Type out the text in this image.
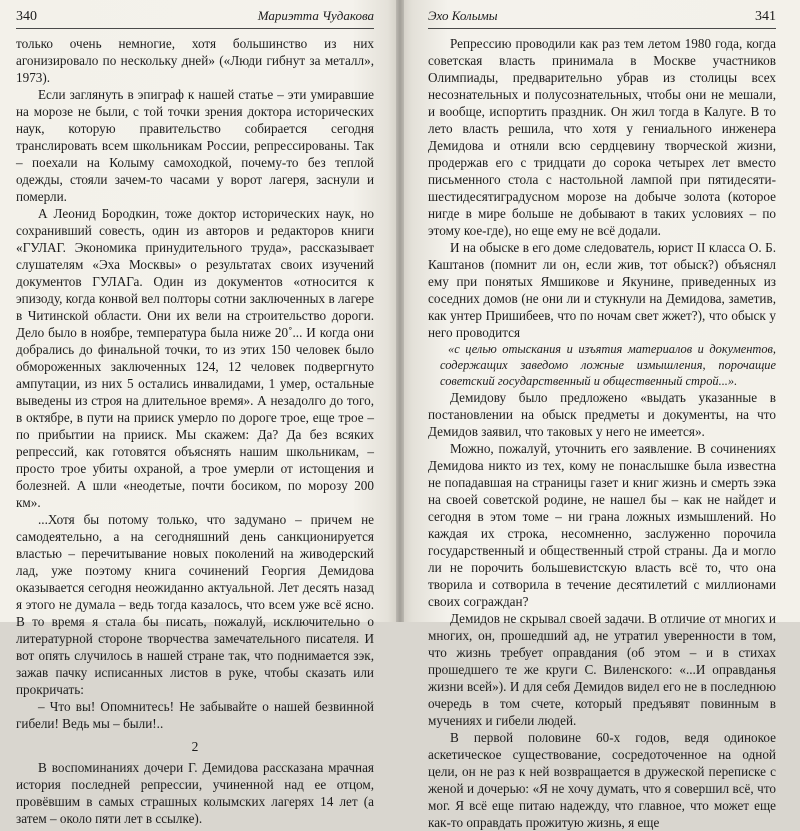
340	Мариэтта Чудакова

только очень немногие, хотя большинство из них агонизировало по нескольку дней» («Люди гибнут за металл», 1973).

Если заглянуть в эпиграф к нашей статье – эти умиравшие на морозе не были, с той точки зрения доктора исторических наук, которую правительство собирается сегодня транслировать всем школьникам России, репрессированы. Так – поехали на Колыму самоходкой, почему-то без теплой одежды, стояли зачем-то часами у ворот лагеря, заснули и померли.

А Леонид Бородкин, тоже доктор исторических наук, но сохранивший совесть, один из авторов и редакторов книги «ГУЛАГ. Экономика принудительного труда», рассказывает слушателям «Эха Москвы» о результатах своих изучений документов ГУЛАГа. Один из документов «относится к эпизоду, когда конвой вел полторы сотни заключенных в лагере в Читинской области. Они их вели на строительство дороги. Дело было в ноябре, температура была ниже 20˚... И когда они добрались до финальной точки, то из этих 150 человек было обмороженных заключенных 124, 12 человек подвергнуто ампутации, из них 5 остались инвалидами, 1 умер, остальные выведены из строя на длительное время». А незадолго до того, в октябре, в пути на прииск умерло по дороге трое, еще трое – по прибытии на прииск. Мы скажем: Да? Да без всяких репрессий, как готовятся объяснять нашим школьникам, – просто трое убиты охраной, а трое умерли от истощения и болезней. А шли «неодетые, почти босиком, по морозу 200 км».

...Хотя бы потому только, что задумано – причем не самодеятельно, а на сегодняшний день санкционируется властью – перечитывание новых поколений на живодерский лад, уже поэтому книга сочинений Георгия Демидова оказывается сегодня неожиданно актуальной. Лет десять назад я этого не думала – ведь тогда казалось, что всем уже всё ясно. В то время я стала бы писать, пожалуй, исключительно о литературной стороне творчества замечательного писателя. И вот опять случилось в нашей стране так, что поднимается зэк, зажав пачку исписанных листов в руке, чтобы сказать или прокричать:

– Что вы! Опомнитесь! Не забывайте о нашей безвинной гибели! Ведь мы – были!..

2

В воспоминаниях дочери Г. Демидова рассказана мрачная история последней репрессии, учиненной над ее отцом, провёвшим в самых страшных колымских лагерях 14 лет (а затем – около пяти лет в ссылке).

Эхо Колымы	341

Репрессию проводили как раз тем летом 1980 года, когда советская власть принимала в Москве участников Олимпиады, предварительно убрав из столицы всех несознательных и полусознательных, чтобы они не мешали, и вообще, испортить праздник. Он жил тогда в Калуге. В то лето власть решила, что хотя у гениального инженера Демидова и отняли всю сердцевину творческой жизни, продержав его с тридцати до сорока четырех лет вместо письменного стола с настольной лампой при пятидесяти-шестидесятиградусном морозе на добыче золота (которое нигде в мире больше не добывают в таких условиях – по этому кое-где), но еще ему не всё додали.

И на обыске в его доме следователь, юрист II класса О. Б. Каштанов (помнит ли он, если жив, тот обыск?) объяснял ему при понятых Ямшикове и Якунине, приведенных из соседних домов (не они ли и стукнули на Демидова, заметив, как унтер Пришибеев, что по ночам свет жжет?), что обыск у него проводится

«с целью отыскания и изъятия материалов и документов, содержащих заведомо ложные измышления, порочащие советский государственный и общественный строй...».

Демидову было предложено «выдать указанные в постановлении на обыск предметы и документы, на что Демидов заявил, что таковых у него не имеется».

Можно, пожалуй, уточнить его заявление. В сочинениях Демидова никто из тех, кому не понаслышке была известна не попадавшая на страницы газет и книг жизнь и смерть зэка на своей советской родине, не нашел бы – как не найдет и сегодня в этом томе – ни грана ложных измышлений. Но каждая их строка, несомненно, заслуженно порочила государственный и общественный строй страны. Да и могло ли не порочить большевистскую власть всё то, что она творила и сотворила в течение десятилетий с миллионами своих сограждан?

Демидов не скрывал своей задачи. В отличие от многих и многих, он, прошедший ад, не утратил уверенности в том, что жизнь требует оправдания (об этом – и в стихах прошедшего те же круги С. Виленского: «...И оправданья жизни всей»). И для себя Демидов видел его не в последнюю очередь в том счете, который предъявят повинным в мучениях и гибели людей.

В первой половине 60-х годов, ведя одинокое аскетическое существование, сосредоточенное на одной цели, он не раз к ней возвращается в дружеской переписке с женой и дочерью: «Я не хочу думать, что я совершил всё, что мог. Я всё еще питаю надежду, что главное, что может еще как-то оправдать прожитую жизнь, я еще
